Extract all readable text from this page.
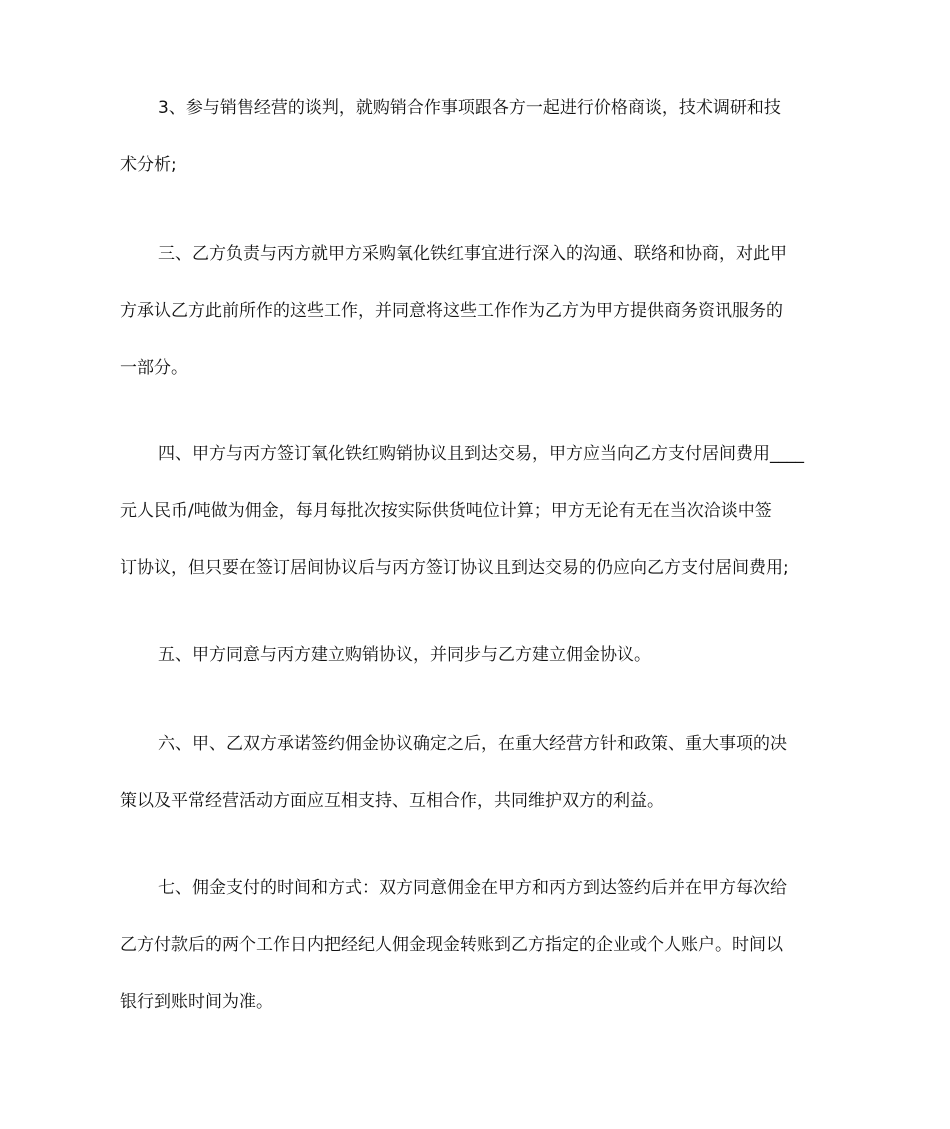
3、参与销售经营的谈判，就购销合作事项跟各方一起进行价格商谈，技术调研和技
术分析;
三、乙方负责与丙方就甲方采购氧化铁红事宜进行深入的沟通、联络和协商，对此甲
方承认乙方此前所作的这些工作，并同意将这些工作作为乙方为甲方提供商务资讯服务的
一部分。
四、甲方与丙方签订氧化铁红购销协议且到达交易，甲方应当向乙方支付居间费用____
元人民币/吨做为佣金，每月每批次按实际供货吨位计算；甲方无论有无在当次洽谈中签
订协议，但只要在签订居间协议后与丙方签订协议且到达交易的仍应向乙方支付居间费用;
五、甲方同意与丙方建立购销协议，并同步与乙方建立佣金协议。
六、甲、乙双方承诺签约佣金协议确定之后，在重大经营方针和政策、重大事项的决
策以及平常经营活动方面应互相支持、互相合作，共同维护双方的利益。
七、佣金支付的时间和方式：双方同意佣金在甲方和丙方到达签约后并在甲方每次给
乙方付款后的两个工作日内把经纪人佣金现金转账到乙方指定的企业或个人账户。时间以
银行到账时间为准。
